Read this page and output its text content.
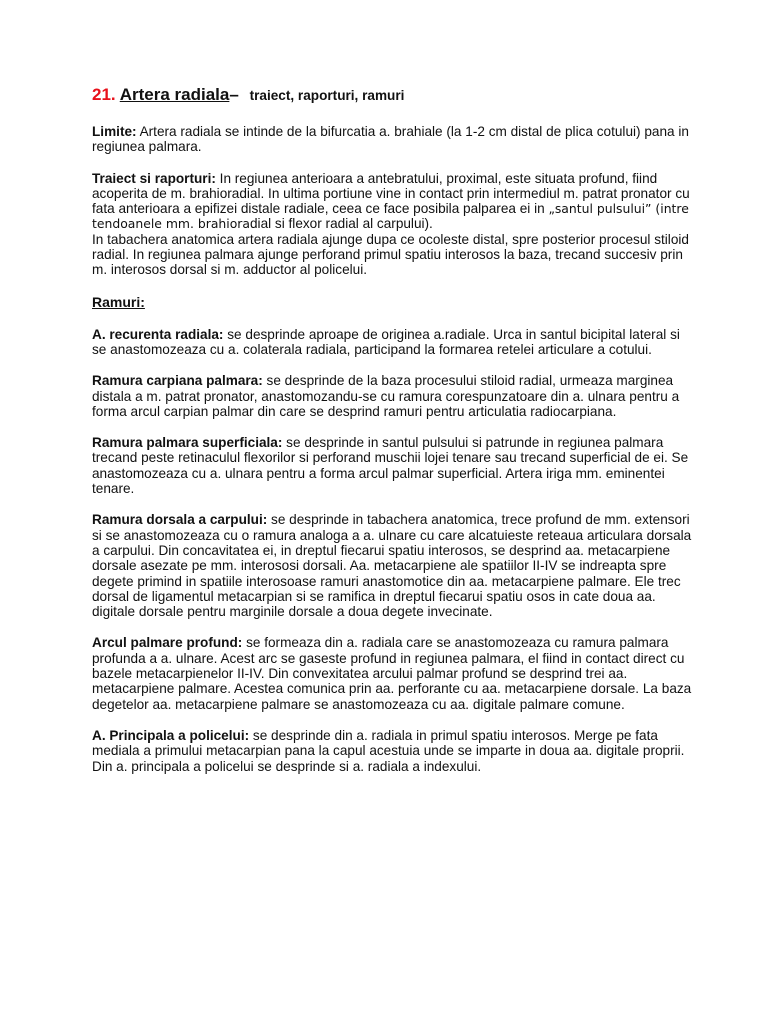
21. Artera radiala– traiect, raporturi, ramuri

Limite: Artera radiala se intinde de la bifurcatia a. brahiale (la 1-2 cm distal de plica cotului) pana in regiunea palmara.

Traiect si raporturi: In regiunea anterioara a antebratului, proximal, este situata profund, fiind acoperita de m. brahioradial. In ultima portiune vine in contact prin intermediul m. patrat pronator cu fata anterioara a epifizei distale radiale, ceea ce face posibila palparea ei in „santul pulsului” (intre tendoanele mm. brahioradial si flexor radial al carpului).
In tabachera anatomica artera radiala ajunge dupa ce ocoleste distal, spre posterior procesul stiloid radial. In regiunea palmara ajunge perforand primul spatiu interosos la baza, trecand succesiv prin m. interosos dorsal si m. adductor al policelui.

Ramuri:

A. recurenta radiala: se desprinde aproape de originea a.radiale. Urca in santul bicipital lateral si se anastomozeaza cu a. colaterala radiala, participand la formarea retelei articulare a cotului.

Ramura carpiana palmara: se desprinde de la baza procesului stiloid radial, urmeaza marginea distala a m. patrat pronator, anastomozandu-se cu ramura corespunzatoare din a. ulnara pentru a forma arcul carpian palmar din care se desprind ramuri pentru articulatia radiocarpiana.

Ramura palmara superficiala: se desprinde in santul pulsului si patrunde in regiunea palmara trecand peste retinaculul flexorilor si perforand muschii lojei tenare sau trecand superficial de ei. Se anastomozeaza cu a. ulnara pentru a forma arcul palmar superficial. Artera iriga mm. eminentei tenare.

Ramura dorsala a carpului: se desprinde in tabachera anatomica, trece profund de mm. extensori si se anastomozeaza cu o ramura analoga a a. ulnare cu care alcatuieste reteaua articulara dorsala a carpului. Din concavitatea ei, in dreptul fiecarui spatiu interosos, se desprind aa. metacarpiene dorsale asezate pe mm. interososi dorsali. Aa. metacarpiene ale spatiilor II-IV se indreapta spre degete primind in spatiile interosoase ramuri anastomotice din aa. metacarpiene palmare. Ele trec dorsal de ligamentul metacarpian si se ramifica in dreptul fiecarui spatiu osos in cate doua aa. digitale dorsale pentru marginile dorsale a doua degete invecinate.

Arcul palmare profund: se formeaza din a. radiala care se anastomozeaza cu ramura palmara profunda a a. ulnare. Acest arc se gaseste profund in regiunea palmara, el fiind in contact direct cu bazele metacarpienelor II-IV. Din convexitatea arcului palmar profund se desprind trei aa. metacarpiene palmare. Acestea comunica prin aa. perforante cu aa. metacarpiene dorsale. La baza degetelor aa. metacarpiene palmare se anastomozeaza cu aa. digitale palmare comune.

A. Principala a policelui: se desprinde din a. radiala in primul spatiu interosos. Merge pe fata mediala a primului metacarpian pana la capul acestuia unde se imparte in doua aa. digitale proprii. Din a. principala a policelui se desprinde si a. radiala a indexului.
